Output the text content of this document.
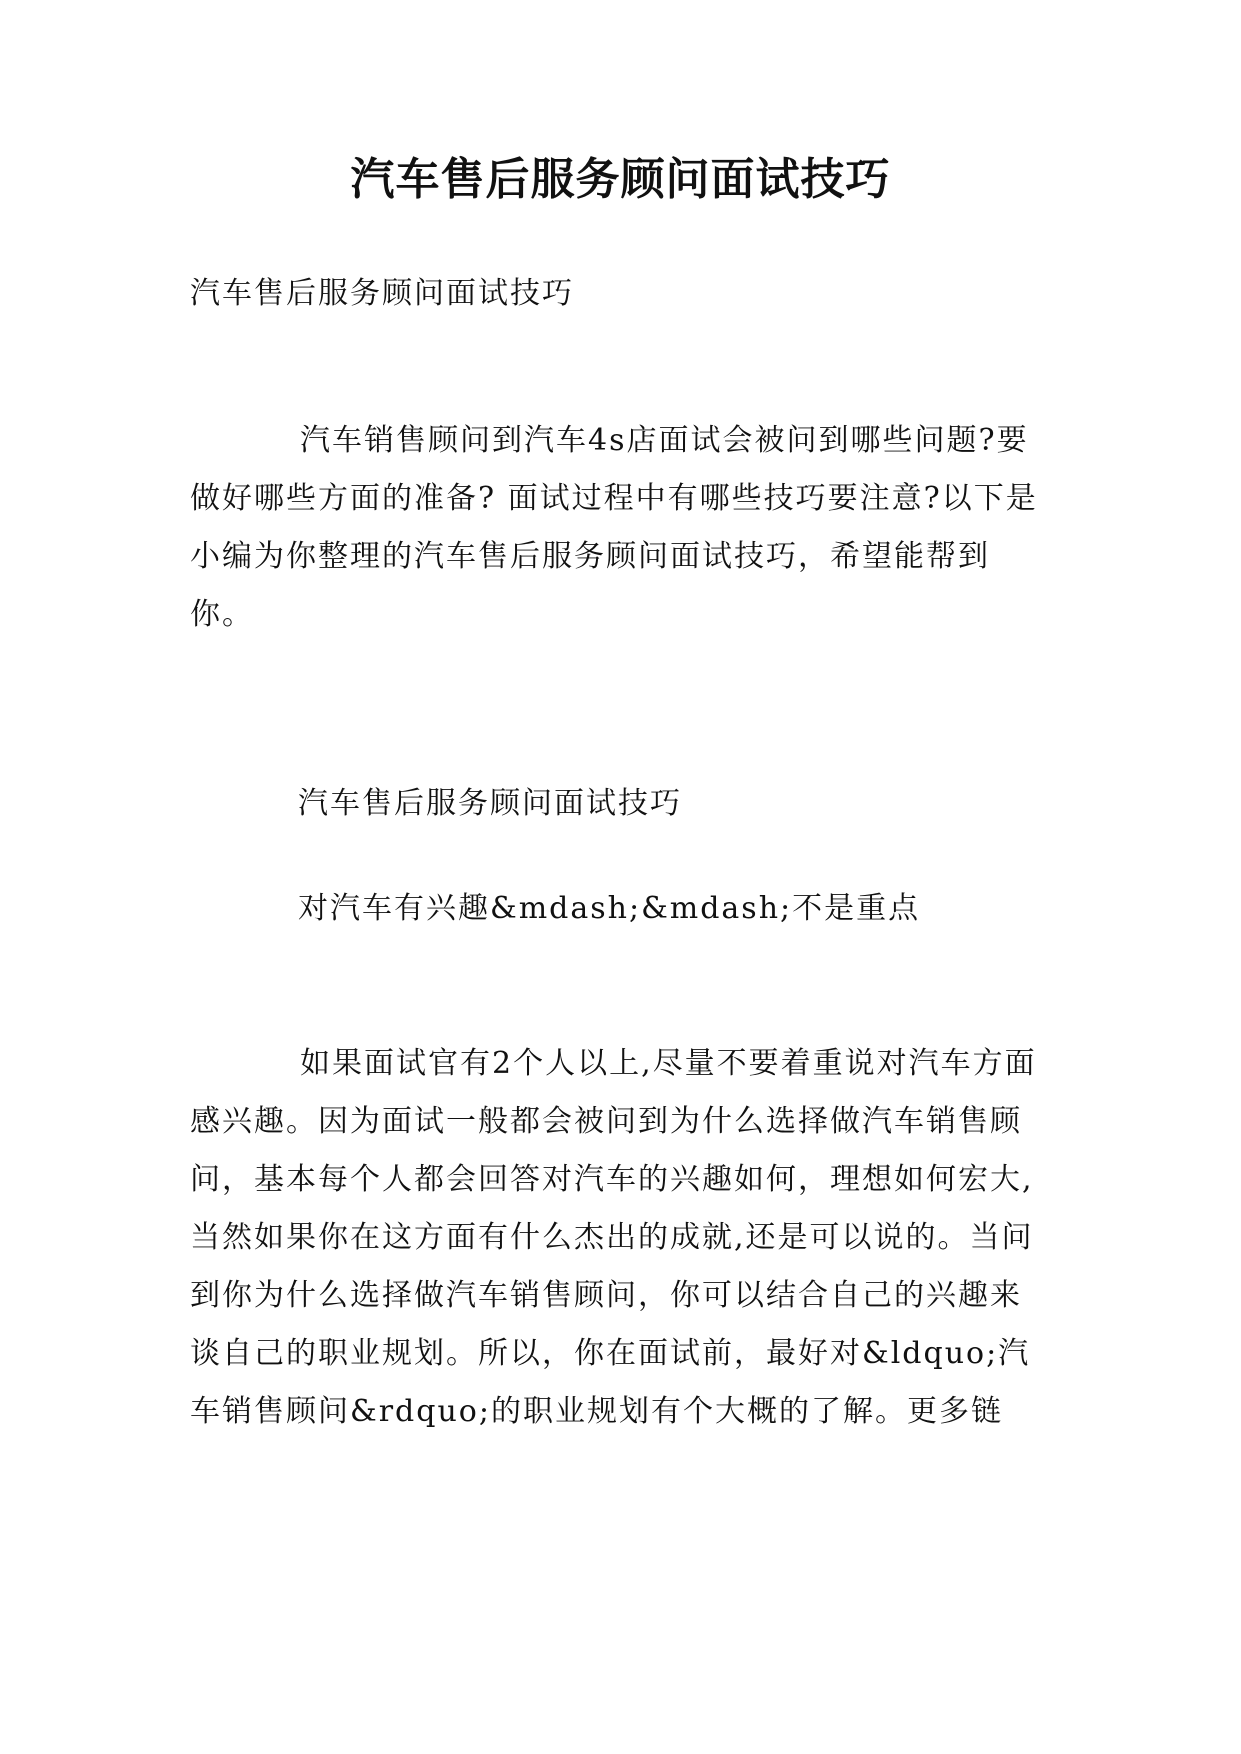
汽车售后服务顾问面试技巧

汽车售后服务顾问面试技巧

汽车销售顾问到汽车4s店面试会被问到哪些问题?要做好哪些方面的准备? 面试过程中有哪些技巧要注意?以下是小编为你整理的汽车售后服务顾问面试技巧，希望能帮到你。

汽车售后服务顾问面试技巧

对汽车有兴趣&mdash;&mdash;不是重点

如果面试官有2个人以上,尽量不要着重说对汽车方面感兴趣。因为面试一般都会被问到为什么选择做汽车销售顾问，基本每个人都会回答对汽车的兴趣如何，理想如何宏大,当然如果你在这方面有什么杰出的成就,还是可以说的。当问到你为什么选择做汽车销售顾问，你可以结合自己的兴趣来谈自己的职业规划。所以，你在面试前，最好对&ldquo;汽车销售顾问&rdquo;的职业规划有个大概的了解。更多链
